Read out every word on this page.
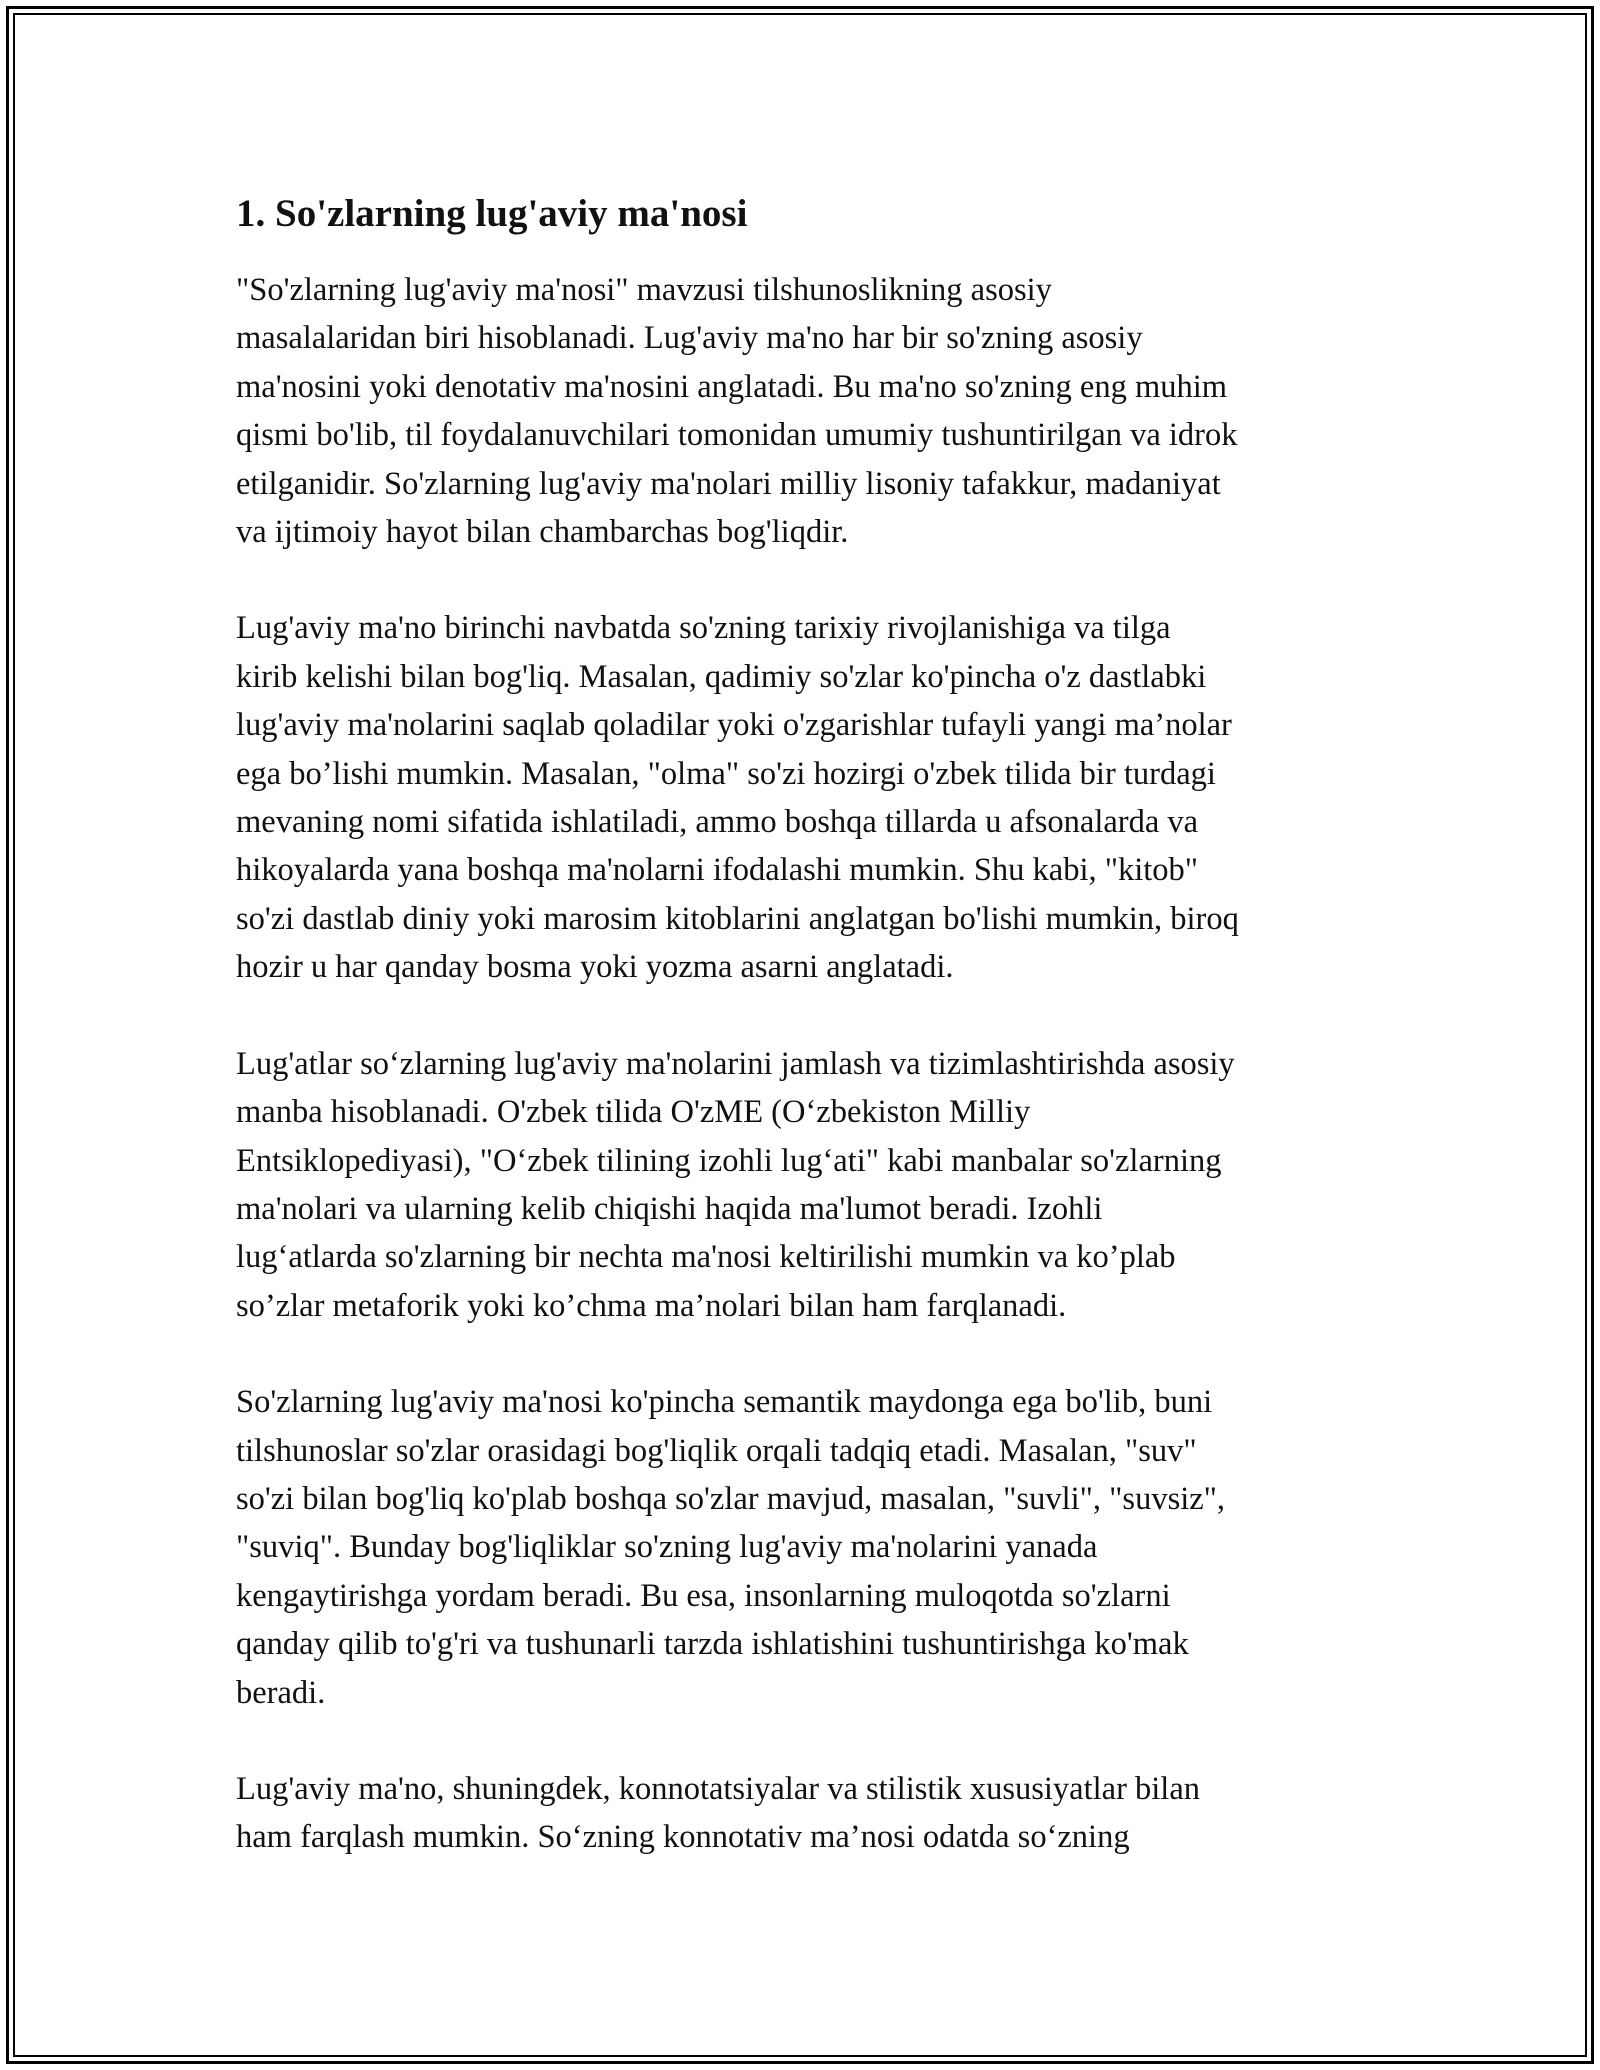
1. So'zlarning lug'aviy ma'nosi

"So'zlarning lug'aviy ma'nosi" mavzusi tilshunoslikning asosiy
masalalaridan biri hisoblanadi. Lug'aviy ma'no har bir so'zning asosiy
ma'nosini yoki denotativ ma'nosini anglatadi. Bu ma'no so'zning eng muhim
qismi bo'lib, til foydalanuvchilari tomonidan umumiy tushuntirilgan va idrok
etilganidir. So'zlarning lug'aviy ma'nolari milliy lisoniy tafakkur, madaniyat
va ijtimoiy hayot bilan chambarchas bog'liqdir.

Lug'aviy ma'no birinchi navbatda so'zning tarixiy rivojlanishiga va tilga
kirib kelishi bilan bog'liq. Masalan, qadimiy so'zlar ko'pincha o'z dastlabki
lug'aviy ma'nolarini saqlab qoladilar yoki o'zgarishlar tufayli yangi ma’nolar
ega bo’lishi mumkin. Masalan, "olma" so'zi hozirgi o'zbek tilida bir turdagi
mevaning nomi sifatida ishlatiladi, ammo boshqa tillarda u afsonalarda va
hikoyalarda yana boshqa ma'nolarni ifodalashi mumkin. Shu kabi, "kitob"
so'zi dastlab diniy yoki marosim kitoblarini anglatgan bo'lishi mumkin, biroq
hozir u har qanday bosma yoki yozma asarni anglatadi.

Lug'atlar so‘zlarning lug'aviy ma'nolarini jamlash va tizimlashtirishda asosiy
manba hisoblanadi. O'zbek tilida O'zME (O‘zbekiston Milliy
Entsiklopediyasi), "O‘zbek tilining izohli lug‘ati" kabi manbalar so'zlarning
ma'nolari va ularning kelib chiqishi haqida ma'lumot beradi. Izohli
lug‘atlarda so'zlarning bir nechta ma'nosi keltirilishi mumkin va ko’plab
so’zlar metaforik yoki ko’chma ma’nolari bilan ham farqlanadi.

So'zlarning lug'aviy ma'nosi ko'pincha semantik maydonga ega bo'lib, buni
tilshunoslar so'zlar orasidagi bog'liqlik orqali tadqiq etadi. Masalan, "suv"
so'zi bilan bog'liq ko'plab boshqa so'zlar mavjud, masalan, "suvli", "suvsiz",
"suviq". Bunday bog'liqliklar so'zning lug'aviy ma'nolarini yanada
kengaytirishga yordam beradi. Bu esa, insonlarning muloqotda so'zlarni
qanday qilib to'g'ri va tushunarli tarzda ishlatishini tushuntirishga ko'mak
beradi.

Lug'aviy ma'no, shuningdek, konnotatsiyalar va stilistik xususiyatlar bilan
ham farqlash mumkin. So‘zning konnotativ ma’nosi odatda so‘zning
